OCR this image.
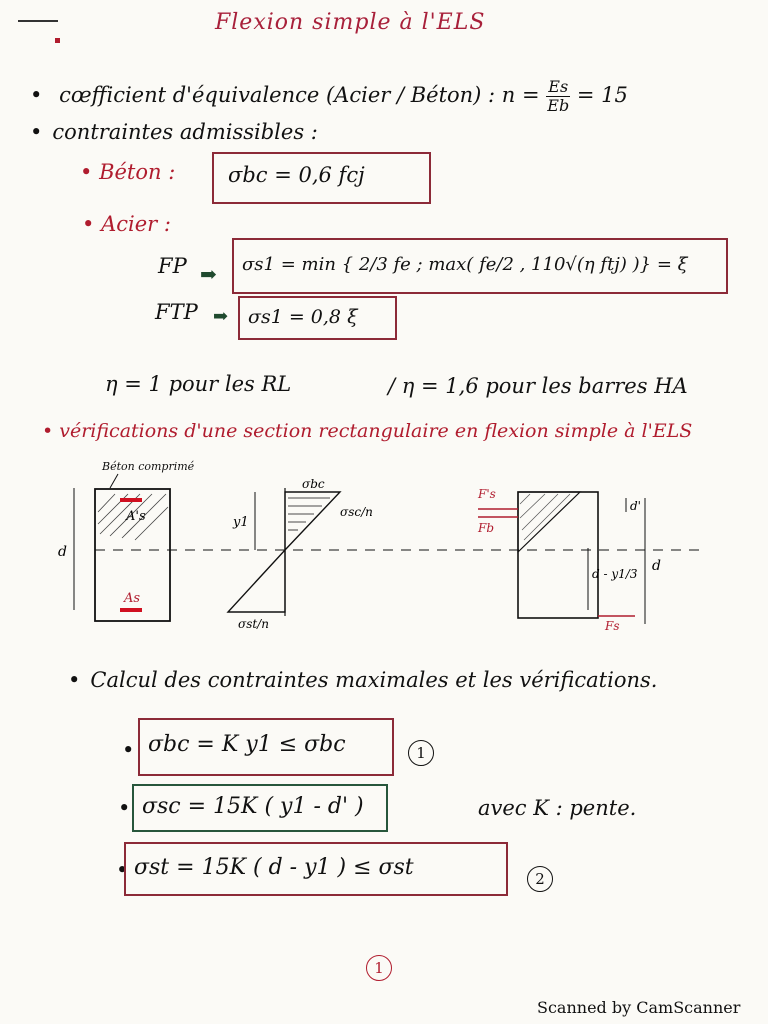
Flexion simple à l'ELS
• cœfficient d'équivalence (Acier / Béton) : $n = \frac{Es}{Eb} = 15$
• contraintes admissibles :
• Béton :	σbc = 0,6 fcj
• Acier :
FP ➡ σs1 = min { 2/3 fe ; max( fe/2 , 110√(η ftj) )} = ξ
FTP ➡ σs1 = 0,8 ξ
η = 1 pour les RL	/ η = 1,6 pour les barres HA
• vérifications d'une section rectangulaire en flexion simple à l'ELS
Béton comprimé
A's
As
d
y1
σbc
σsc/n
σst/n
F's
Fb
Fs
d'
d - y1/3 d
• Calcul des contraintes maximales et les vérifications.
• σbc = K y1 ≤ σbc	1
• σsc = 15K ( y1 - d' )	avec K : pente.
• σst = 15K ( d - y1 ) ≤ σst	2
1
Scanned by CamScanner
